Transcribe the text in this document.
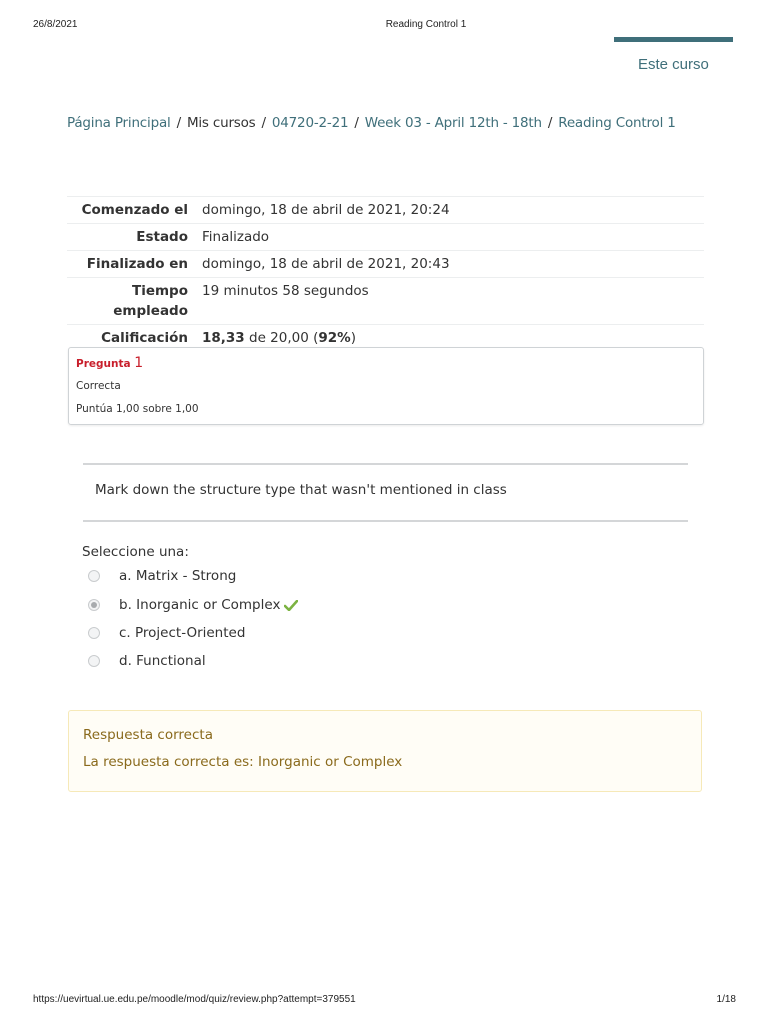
26/8/2021	Reading Control 1
Este curso
Página Principal / Mis cursos / 04720-2-21 / Week 03 - April 12th - 18th / Reading Control 1
Comenzado el	domingo, 18 de abril de 2021, 20:24
Estado	Finalizado
Finalizado en	domingo, 18 de abril de 2021, 20:43
Tiempo empleado	19 minutos 58 segundos
Calificación	18,33 de 20,00 (92%)
Pregunta 1
Correcta
Puntúa 1,00 sobre 1,00
Mark down the structure type that wasn't mentioned in class
Seleccione una:
a. Matrix - Strong
b. Inorganic or Complex
c. Project-Oriented
d. Functional
Respuesta correcta
La respuesta correcta es: Inorganic or Complex
https://uevirtual.ue.edu.pe/moodle/mod/quiz/review.php?attempt=379551	1/18
